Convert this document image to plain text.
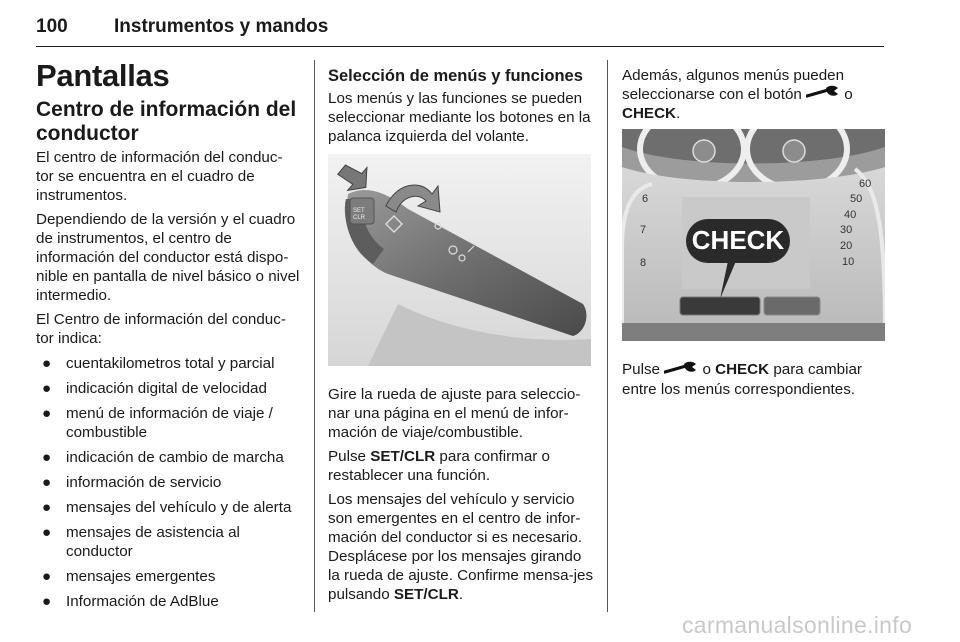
100 Instrumentos y mandos
Pantallas
Centro de información del conductor

El centro de información del conduc-tor se encuentra en el cuadro de instrumentos.

Dependiendo de la versión y el cuadro de instrumentos, el centro de información del conductor está dispo-nible en pantalla de nivel básico o nivel intermedio.

El Centro de información del conduc-tor indica:

● cuentakilometros total y parcial
● indicación digital de velocidad
● menú de información de viaje / combustible
● indicación de cambio de marcha
● información de servicio
● mensajes del vehículo y de alerta
● mensajes de asistencia al conductor
● mensajes emergentes
● Información de AdBlue
Selección de menús y funciones

Los menús y las funciones se pueden seleccionar mediante los botones en la palanca izquierda del volante.

SET
CLR

Gire la rueda de ajuste para seleccio-nar una página en el menú de infor-mación de viaje/combustible.

Pulse SET/CLR para confirmar o restablecer una función.

Los mensajes del vehículo y servicio son emergentes en el centro de infor-mación del conductor si es necesario. Desplácese por los mensajes girando la rueda de ajuste. Confirme mensa-jes pulsando SET/CLR.

Además, algunos menús pueden seleccionarse con el botón  o CHECK.

60
50
40
30
20
10
6
7
8
CHECK

Pulse  o CHECK para cambiar entre los menús correspondientes.

carmanualsonline.info
